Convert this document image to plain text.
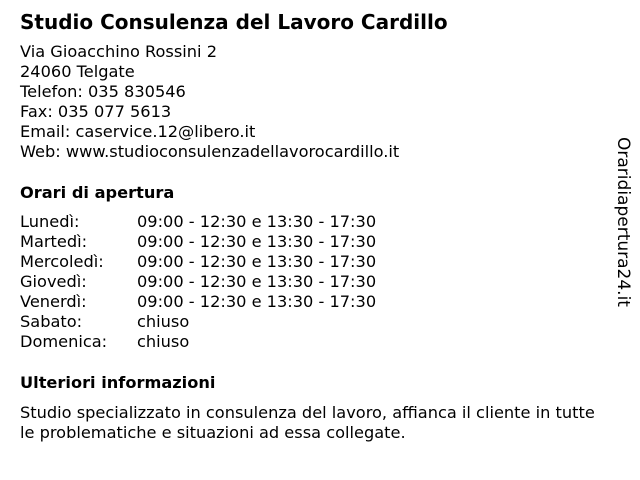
Studio Consulenza del Lavoro Cardillo
Via Gioacchino Rossini 2
24060 Telgate
Telefon: 035 830546
Fax: 035 077 5613
Email: caservice.12@libero.it
Web: www.studioconsulenzadellavorocardillo.it
Orari di apertura
Lunedì:	09:00 - 12:30 e 13:30 - 17:30
Martedì:	09:00 - 12:30 e 13:30 - 17:30
Mercoledì:	09:00 - 12:30 e 13:30 - 17:30
Giovedì:	09:00 - 12:30 e 13:30 - 17:30
Venerdì:	09:00 - 12:30 e 13:30 - 17:30
Sabato:	chiuso
Domenica:	chiuso
Ulteriori informazioni
Studio specializzato in consulenza del lavoro, affianca il cliente in tutte le problematiche e situazioni ad essa collegate.
Oraridiapertura24.it
